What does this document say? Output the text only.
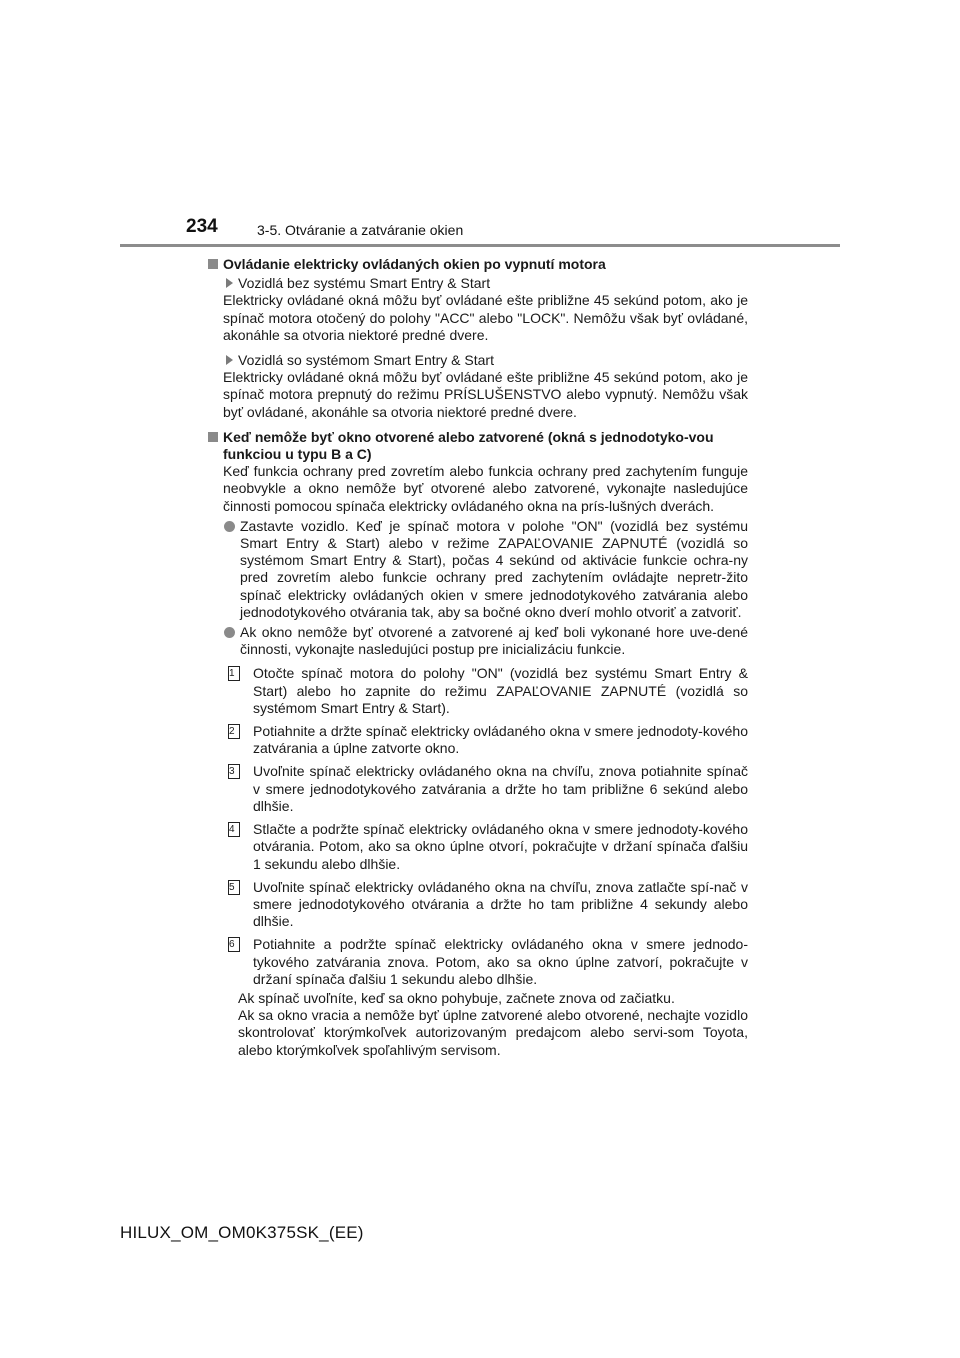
234	3-5. Otváranie a zatváranie okien

Ovládanie elektricky ovládaných okien po vypnutí motora

Vozidlá bez systému Smart Entry & Start

Elektricky ovládané okná môžu byť ovládané ešte približne 45 sekúnd potom, ako je spínač motora otočený do polohy "ACC" alebo "LOCK". Nemôžu však byť ovládané, akonáhle sa otvoria niektoré predné dvere.

Vozidlá so systémom Smart Entry & Start

Elektricky ovládané okná môžu byť ovládané ešte približne 45 sekúnd potom, ako je spínač motora prepnutý do režimu PRÍSLUŠENSTVO alebo vypnutý. Nemôžu však byť ovládané, akonáhle sa otvoria niektoré predné dvere.

Keď nemôže byť okno otvorené alebo zatvorené (okná s jednodotyko-vou funkciou u typu B a C)

Keď funkcia ochrany pred zovretím alebo funkcia ochrany pred zachytením funguje neobvykle a okno nemôže byť otvorené alebo zatvorené, vykonajte nasledujúce činnosti pomocou spínača elektricky ovládaného okna na prís-lušných dverách.

Zastavte vozidlo. Keď je spínač motora v polohe "ON" (vozidlá bez systému Smart Entry & Start) alebo v režime ZAPAĽOVANIE ZAPNUTÉ (vozidlá so systémom Smart Entry & Start), počas 4 sekúnd od aktivácie funkcie ochra-ny pred zovretím alebo funkcie ochrany pred zachytením ovládajte nepretr-žito spínač elektricky ovládaných okien v smere jednodotykového zatvárania alebo jednodotykového otvárania tak, aby sa bočné okno dverí mohlo otvoriť a zatvoriť.
Ak okno nemôže byť otvorené a zatvorené aj keď boli vykonané hore uve-dené činnosti, vykonajte nasledujúci postup pre inicializáciu funkcie.
1	Otočte spínač motora do polohy "ON" (vozidlá bez systému Smart Entry & Start) alebo ho zapnite do režimu ZAPAĽOVANIE ZAPNUTÉ (vozidlá so systémom Smart Entry & Start).
2	Potiahnite a držte spínač elektricky ovládaného okna v smere jednodoty-kového zatvárania a úplne zatvorte okno.
3	Uvoľnite spínač elektricky ovládaného okna na chvíľu, znova potiahnite spínač v smere jednodotykového zatvárania a držte ho tam približne 6 sekúnd alebo dlhšie.
4	Stlačte a podržte spínač elektricky ovládaného okna v smere jednodoty-kového otvárania. Potom, ako sa okno úplne otvorí, pokračujte v držaní spínača ďalšiu 1 sekundu alebo dlhšie.
5	Uvoľnite spínač elektricky ovládaného okna na chvíľu, znova zatlačte spí-nač v smere jednodotykového otvárania a držte ho tam približne 4 sekundy alebo dlhšie.
6	Potiahnite a podržte spínač elektricky ovládaného okna v smere jednodo-tykového zatvárania znova. Potom, ako sa okno úplne zatvorí, pokračujte v držaní spínača ďalšiu 1 sekundu alebo dlhšie.

Ak spínač uvoľníte, keď sa okno pohybuje, začnete znova od začiatku.

Ak sa okno vracia a nemôže byť úplne zatvorené alebo otvorené, nechajte vozidlo skontrolovať ktorýmkoľvek autorizovaným predajcom alebo servi-som Toyota, alebo ktorýmkoľvek spoľahlivým servisom.

HILUX_OM_OM0K375SK_(EE)
